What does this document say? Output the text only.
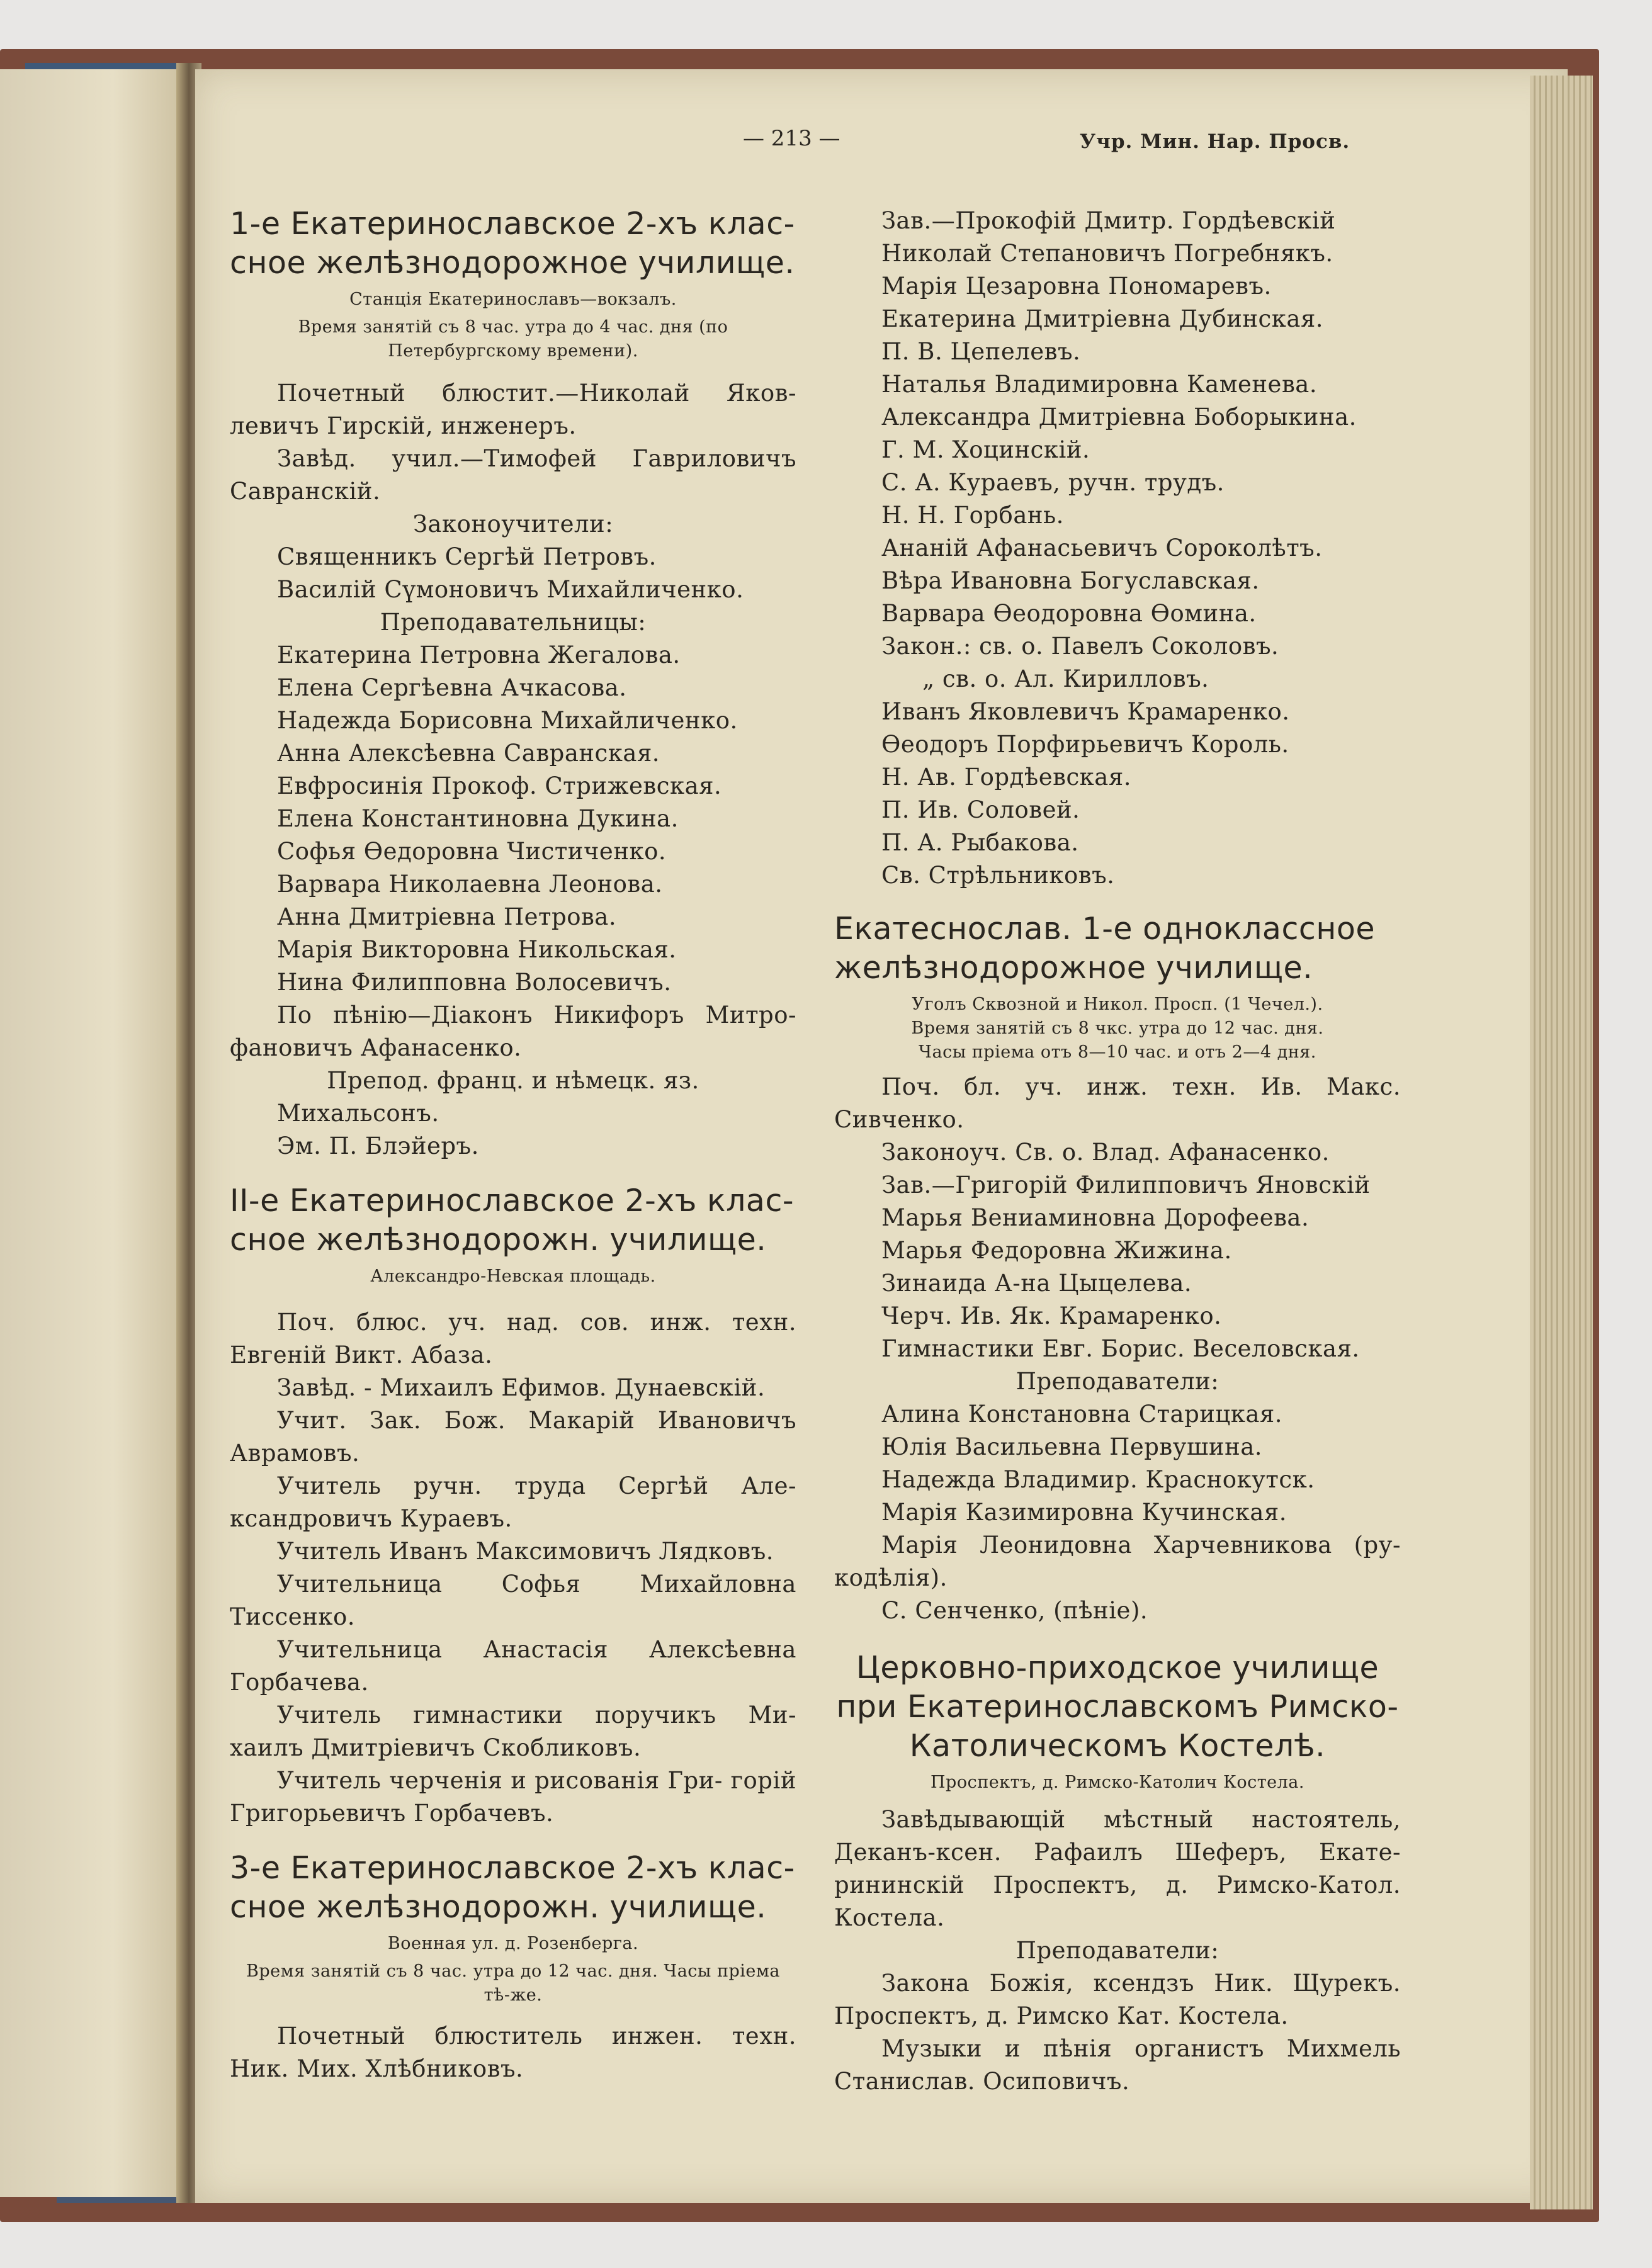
— 213 —	Учр. Мин. Нар. Просв.
1-е Екатеринославское 2-хъ клас- сное желѣзнодорожное училище.
Станція Екатеринославъ—вокзалъ.
Время занятій съ 8 час. утра до 4 час. дня (по Петербургскому времени).
Почетный блюстит.—Николай Яков- левичъ Гирскій, инженеръ.
Завѣд. учил.—Тимофей Гавриловичъ Савранскій.
Законоучители:
Священникъ Сергѣй Петровъ.
Василій Сүмоновичъ Михайличенко.
Преподавательницы:
Екатерина Петровна Жегалова.
Елена Сергѣевна Ачкасова.
Надежда Борисовна Михайличенко.
Анна Алексѣевна Савранская.
Евфросинія Прокоф. Стрижевская.
Елена Константиновна Дукина.
Софья Өедоровна Чистиченко.
Варвара Николаевна Леонова.
Анна Дмитріевна Петрова.
Марія Викторовна Никольская.
Нина Филипповна Волосевичъ.
По пѣнію—Діаконъ Никифоръ Митро- фановичъ Афанасенко.
Препод. франц. и нѣмецк. яз.
Михальсонъ.
Эм. П. Блэйеръ.
II-е Екатеринославское 2-хъ клас- сное желѣзнодорожн. училище.
Александро-Невская площадь.
Поч. блюс. уч. над. сов. инж. техн. Евгеній Викт. Абаза.
Завѣд. - Михаилъ Ефимов. Дунаевскій.
Учит. Зак. Бож. Макарій Ивановичъ Аврамовъ.
Учитель ручн. труда Сергѣй Але- ксандровичъ Кураевъ.
Учитель Иванъ Максимовичъ Лядковъ.
Учительница Софья Михайловна Тиссенко.
Учительница Анастасія Алексѣевна Горбачева.
Учитель гимнастики поручикъ Ми- хаилъ Дмитріевичъ Скобликовъ.
Учитель черченія и рисованія Гри- горій Григорьевичъ Горбачевъ.
3-е Екатеринославское 2-хъ клас- сное желѣзнодорожн. училище.
Военная ул. д. Розенберга.
Время занятій съ 8 час. утра до 12 час. дня. Часы пріема тѣ-же.
Почетный блюститель инжен. техн. Ник. Мих. Хлѣбниковъ.
Зав.—Прокофій Дмитр. Гордѣевскій
Николай Степановичъ Погребнякъ.
Марія Цезаровна Пономаревъ.
Екатерина Дмитріевна Дубинская.
П. В. Цепелевъ.
Наталья Владимировна Каменева.
Александра Дмитріевна Боборыкина.
Г. М. Хоцинскій.
С. А. Кураевъ, ручн. трудъ.
Н. Н. Горбань.
Ананій Афанасьевичъ Сороколѣтъ.
Вѣра Ивановна Богуславская.
Варвара Өеодоровна Өомина.
Закон.: св. о. Павелъ Соколовъ.
„ св. о. Ал. Кирилловъ.
Иванъ Яковлевичъ Крамаренко.
Өеодоръ Порфирьевичъ Король.
Н. Ав. Гордѣевская.
П. Ив. Соловей.
П. А. Рыбакова.
Св. Стрѣльниковъ.
Екатеснослав. 1-е одноклассное желѣзнодорожное училище.
Уголъ Сквозной и Никол. Просп. (1 Чечел.).
Время занятій съ 8 чкс. утра до 12 час. дня.
Часы пріема отъ 8—10 час. и отъ 2—4 дня.
Поч. бл. уч. инж. техн. Ив. Макс. Сивченко.
Законоуч. Св. о. Влад. Афанасенко.
Зав.—Григорій Филипповичъ Яновскій
Марья Вениаминовна Дорофеева.
Марья Федоровна Жижина.
Зинаида А-на Цыцелева.
Черч. Ив. Як. Крамаренко.
Гимнастики Евг. Борис. Веселовская.
Преподаватели:
Алина Констановна Старицкая.
Юлія Васильевна Первушина.
Надежда Владимир. Краснокутск.
Марія Казимировна Кучинская.
Марія Леонидовна Харчевникова (ру- кодѣлія).
С. Сенченко, (пѣніе).
Церковно-приходское училище при Екатеринославскомъ Римско-Католическомъ Костелѣ.
Проспектъ, д. Римско-Католич Костела.
Завѣдывающій мѣстный настоятель, Деканъ-ксен. Рафаилъ Шеферъ, Екате- рининскій Проспектъ, д. Римско-Катол. Костела.
Преподаватели:
Закона Божія, ксендзъ Ник. Щурекъ. Проспектъ, д. Римско Кат. Костела.
Музыки и пѣнія органистъ Михмель Станислав. Осиповичъ.
